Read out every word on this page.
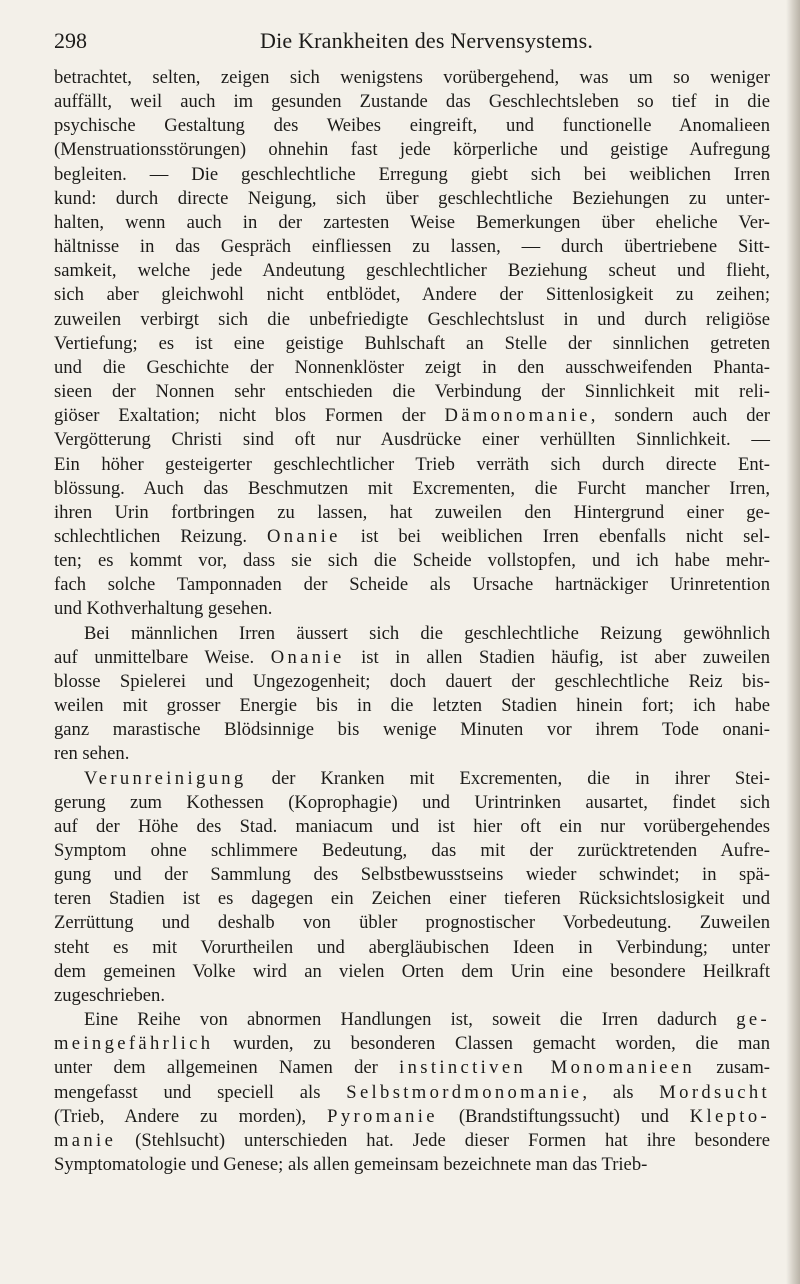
298	Die Krankheiten des Nervensystems.
betrachtet, selten, zeigen sich wenigstens vorübergehend, was um so weniger
auffällt, weil auch im gesunden Zustande das Geschlechtsleben so tief in die
psychische Gestaltung des Weibes eingreift, und functionelle Anomalieen
(Menstruationsstörungen) ohnehin fast jede körperliche und geistige Aufregung
begleiten. — Die geschlechtliche Erregung giebt sich bei weiblichen Irren
kund: durch directe Neigung, sich über geschlechtliche Beziehungen zu unter-
halten, wenn auch in der zartesten Weise Bemerkungen über eheliche Ver-
hältnisse in das Gespräch einfliessen zu lassen, — durch übertriebene Sitt-
samkeit, welche jede Andeutung geschlechtlicher Beziehung scheut und flieht,
sich aber gleichwohl nicht entblödet, Andere der Sittenlosigkeit zu zeihen;
zuweilen verbirgt sich die unbefriedigte Geschlechtslust in und durch religiöse
Vertiefung; es ist eine geistige Buhlschaft an Stelle der sinnlichen getreten
und die Geschichte der Nonnenklöster zeigt in den ausschweifenden Phanta-
sieen der Nonnen sehr entschieden die Verbindung der Sinnlichkeit mit reli-
giöser Exaltation; nicht blos Formen der Dämonomanie, sondern auch der
Vergötterung Christi sind oft nur Ausdrücke einer verhüllten Sinnlichkeit. —
Ein höher gesteigerter geschlechtlicher Trieb verräth sich durch directe Ent-
blössung. Auch das Beschmutzen mit Excrementen, die Furcht mancher Irren,
ihren Urin fortbringen zu lassen, hat zuweilen den Hintergrund einer ge-
schlechtlichen Reizung. Onanie ist bei weiblichen Irren ebenfalls nicht sel-
ten; es kommt vor, dass sie sich die Scheide vollstopfen, und ich habe mehr-
fach solche Tamponnaden der Scheide als Ursache hartnäckiger Urinretention
und Kothverhaltung gesehen.
Bei männlichen Irren äussert sich die geschlechtliche Reizung gewöhnlich
auf unmittelbare Weise. Onanie ist in allen Stadien häufig, ist aber zuweilen
blosse Spielerei und Ungezogenheit; doch dauert der geschlechtliche Reiz bis-
weilen mit grosser Energie bis in die letzten Stadien hinein fort; ich habe
ganz marastische Blödsinnige bis wenige Minuten vor ihrem Tode onani-
ren sehen.
Verunreinigung der Kranken mit Excrementen, die in ihrer Stei-
gerung zum Kothessen (Koprophagie) und Urintrinken ausartet, findet sich
auf der Höhe des Stad. maniacum und ist hier oft ein nur vorübergehendes
Symptom ohne schlimmere Bedeutung, das mit der zurücktretenden Aufre-
gung und der Sammlung des Selbstbewusstseins wieder schwindet; in spä-
teren Stadien ist es dagegen ein Zeichen einer tieferen Rücksichtslosigkeit und
Zerrüttung und deshalb von übler prognostischer Vorbedeutung. Zuweilen
steht es mit Vorurtheilen und abergläubischen Ideen in Verbindung; unter
dem gemeinen Volke wird an vielen Orten dem Urin eine besondere Heilkraft
zugeschrieben.
Eine Reihe von abnormen Handlungen ist, soweit die Irren dadurch ge-
meingefährlich wurden, zu besonderen Classen gemacht worden, die man
unter dem allgemeinen Namen der instinctiven Monomanieen zusam-
mengefasst und speciell als Selbstmordmonomanie, als Mordsucht
(Trieb, Andere zu morden), Pyromanie (Brandstiftungssucht) und Klepto-
manie (Stehlsucht) unterschieden hat. Jede dieser Formen hat ihre besondere
Symptomatologie und Genese; als allen gemeinsam bezeichnete man das Trieb-
